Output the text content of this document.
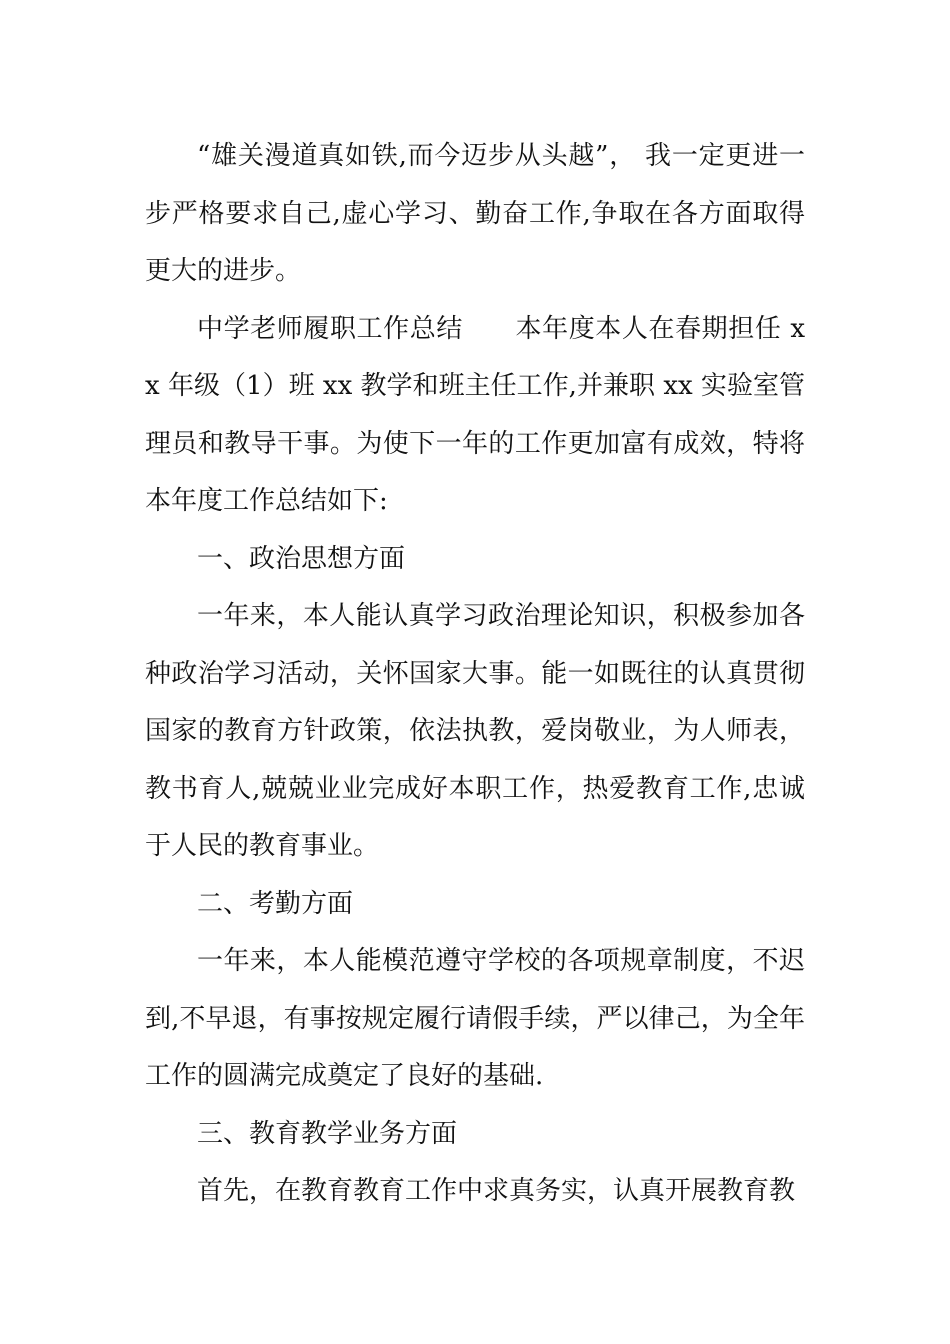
“雄关漫道真如铁,而今迈步从头越”， 我一定更进一步严格要求自己,虚心学习、勤奋工作,争取在各方面取得更大的进步。

中学老师履职工作总结 本年度本人在春期担任 xx 年级（1）班 xx 教学和班主任工作,并兼职 xx 实验室管理员和教导干事。为使下一年的工作更加富有成效，特将本年度工作总结如下:

一、政治思想方面

一年来，本人能认真学习政治理论知识，积极参加各种政治学习活动，关怀国家大事。能一如既往的认真贯彻国家的教育方针政策，依法执教，爱岗敬业，为人师表，教书育人,兢兢业业完成好本职工作，热爱教育工作,忠诚于人民的教育事业。

二、考勤方面

一年来，本人能模范遵守学校的各项规章制度，不迟到,不早退，有事按规定履行请假手续，严以律己，为全年工作的圆满完成奠定了良好的基础.

三、教育教学业务方面

首先，在教育教育工作中求真务实，认真开展教育教
